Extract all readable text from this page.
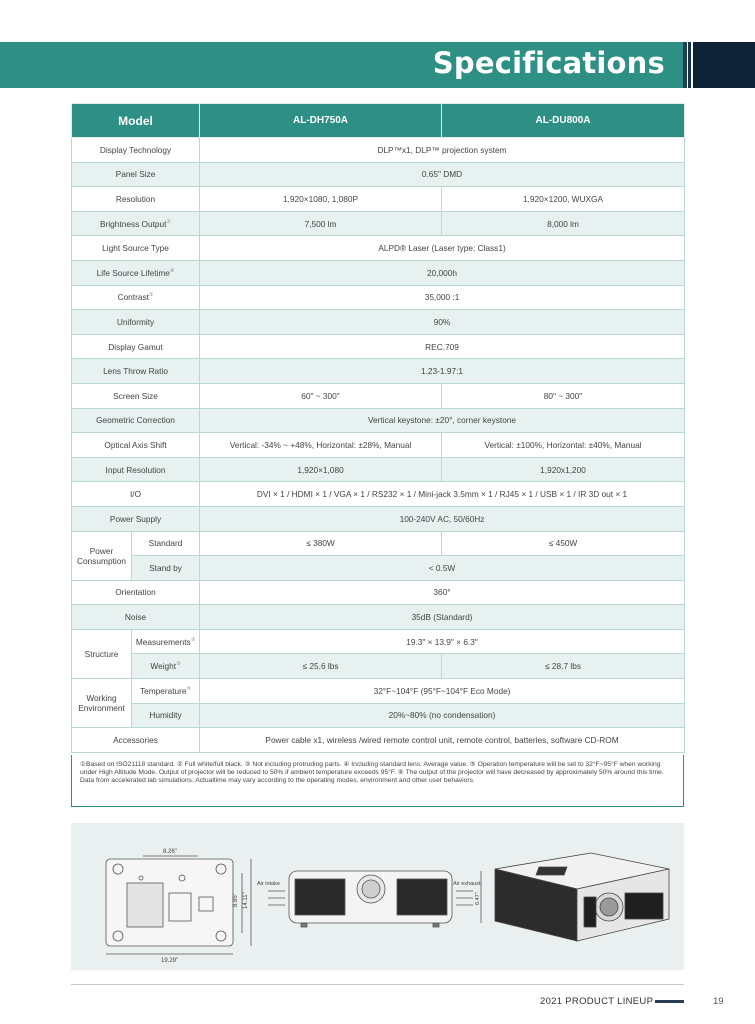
Specifications
Model		AL-DH750A	AL-DU800A
Display Technology		DLP™x1, DLP™ projection system	
Panel Size		0.65" DMD	
Resolution		1,920×1080, 1,080P	1,920×1200, WUXGA
Brightness Output①		7,500 lm	8,000 lm
Light Source Type		ALPD® Laser (Laser type: Class1)	
Life Source Lifetime⑥		20,000h	
Contrast②		35,000 :1	
Uniformity		90%	
Display Gamut		REC.709	
Lens Throw Ratio		1.23-1.97:1	
Screen Size		60" ~ 300"	80" ~ 300"
Geometric Correction		Vertical keystone: ±20°, corner keystone	
Optical Axis Shift		Vertical: -34% ~ +48%, Horizontal: ±28%, Manual	Vertical: ±100%, Horizontal: ±40%, Manual
Input Resolution		1,920×1,080	1,920x1,200
I/O		DVI × 1 / HDMI × 1 / VGA × 1 / RS232 × 1 / Mini-jack 3.5mm × 1 / RJ45 × 1 / USB × 1 / IR 3D out × 1	
Power Supply		100-240V AC, 50/60Hz	
Power Consumption	Standard	≤ 380W	≤ 450W
	Stand by	< 0.5W	
Orientation		360°	
Noise		35dB (Standard)	
Structure	Measurements③	19.3" × 13.9" × 6.3"	
	Weight③	≤ 25.6 lbs	≤ 28.7 lbs
Working Environment	Temperature⑤	32°F~104°F (95°F~104°F Eco Mode)	
	Humidity	20%~80% (no condensation)	
Accessories		Power cable x1, wireless /wired remote control unit, remote control, batteries, software CD-ROM	
①Based on ISO21118 standard. ② Full white/full black. ③ Not including protruding parts. ④ Including standard lens. Average value. ⑤ Operation temperature will be set to 32°F~95°F when working under High Altitude Mode. Output of projector will be reduced to 50% if ambient temperature exceeds 95°F. ⑥ The output of the projector will have decreased by approximately 50% around this time. Data from accelerated lab simulations. Actualtime may vary according to the operating modes, environment and other user behaviors.
8.26"
19.29"
8.85" 14.11"
Air intake	Air exhaust
6.47"
2021 PRODUCT LINEUP	19
